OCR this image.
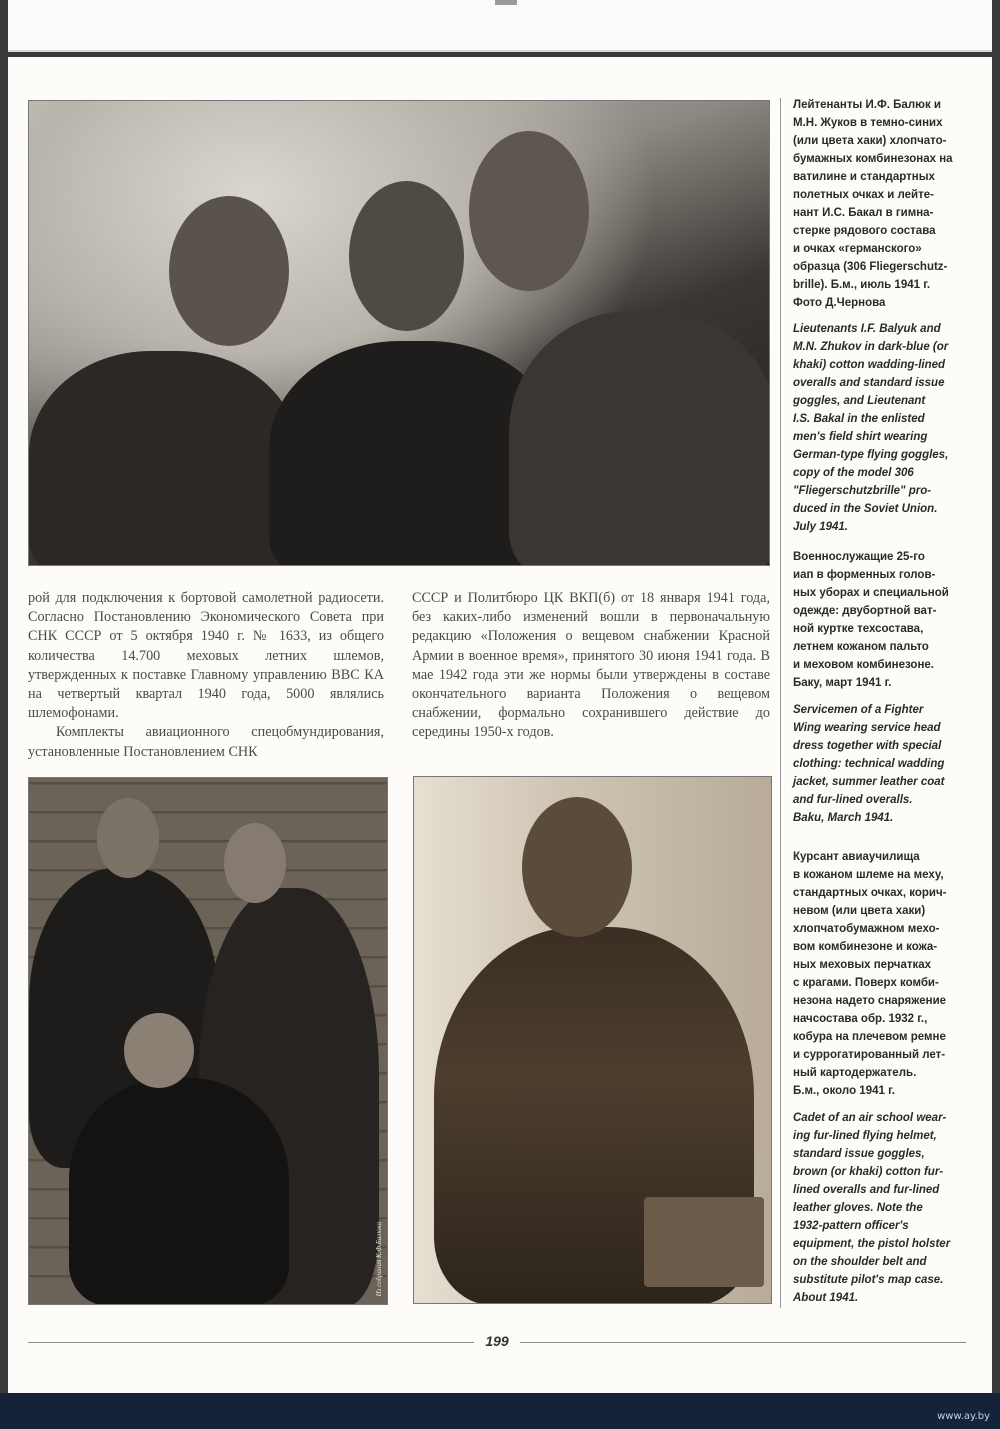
рой для подключения к бортовой самолетной радиосети. Согласно Постановлению Экономического Совета при СНК СССР от 5 октября 1940 г. № 1633, из общего количества 14.700 меховых летних шлемов, утвержденных к поставке Главному управлению ВВС КА на четвертый квартал 1940 года, 5000 являлись шлемофонами.

Комплекты авиационного спецобмундирования, установленные Постановлением СНК

СССР и Политбюро ЦК ВКП(б) от 18 января 1941 года, без каких-либо изменений вошли в первоначальную редакцию «Положения о вещевом снабжении Красной Армии в военное время», принятого 30 июня 1941 года. В мае 1942 года эти же нормы были утверждены в составе окончательного варианта Положения о вещевом снабжении, формально сохранившего действие до середины 1950-х годов.

Из собрания К.Ф.Балюка
Лейтенанты И.Ф. Балюк и
М.Н. Жуков в темно-синих
(или цвета хаки) хлопчато-
бумажных комбинезонах на
ватилине и стандартных
полетных очках и лейте-
нант И.С. Бакал в гимна-
стерке рядового состава
и очках «германского»
образца (306 Fliegerschutz-
brille). Б.м., июль 1941 г.
Фото Д.Чернова
Lieutenants I.F. Balyuk and
M.N. Zhukov in dark-blue (or
khaki) cotton wadding-lined
overalls and standard issue
goggles, and Lieutenant
I.S. Bakal in the enlisted
men's field shirt wearing
German-type flying goggles,
copy of the model 306
"Fliegerschutzbrille" pro-
duced in the Soviet Union.
July 1941.
Военнослужащие 25-го
иап в форменных голов-
ных уборах и специальной
одежде: двубортной ват-
ной куртке техсостава,
летнем кожаном пальто
и меховом комбинезоне.
Баку, март 1941 г.
Servicemen of a Fighter
Wing wearing service head
dress together with special
clothing: technical wadding
jacket, summer leather coat
and fur-lined overalls.
Baku, March 1941.
Курсант авиаучилища
в кожаном шлеме на меху,
стандартных очках, корич-
невом (или цвета хаки)
хлопчатобумажном мехо-
вом комбинезоне и кожа-
ных меховых перчатках
с крагами. Поверх комби-
незона надето снаряжение
начсостава обр. 1932 г.,
кобура на плечевом ремне
и суррогатированный лет-
ный картодержатель.
Б.м., около 1941 г.
Cadet of an air school wear-
ing fur-lined flying helmet,
standard issue goggles,
brown (or khaki) cotton fur-
lined overalls and fur-lined
leather gloves. Note the
1932-pattern officer's
equipment, the pistol holster
on the shoulder belt and
substitute pilot's map case.
About 1941.
199
www.ay.by
